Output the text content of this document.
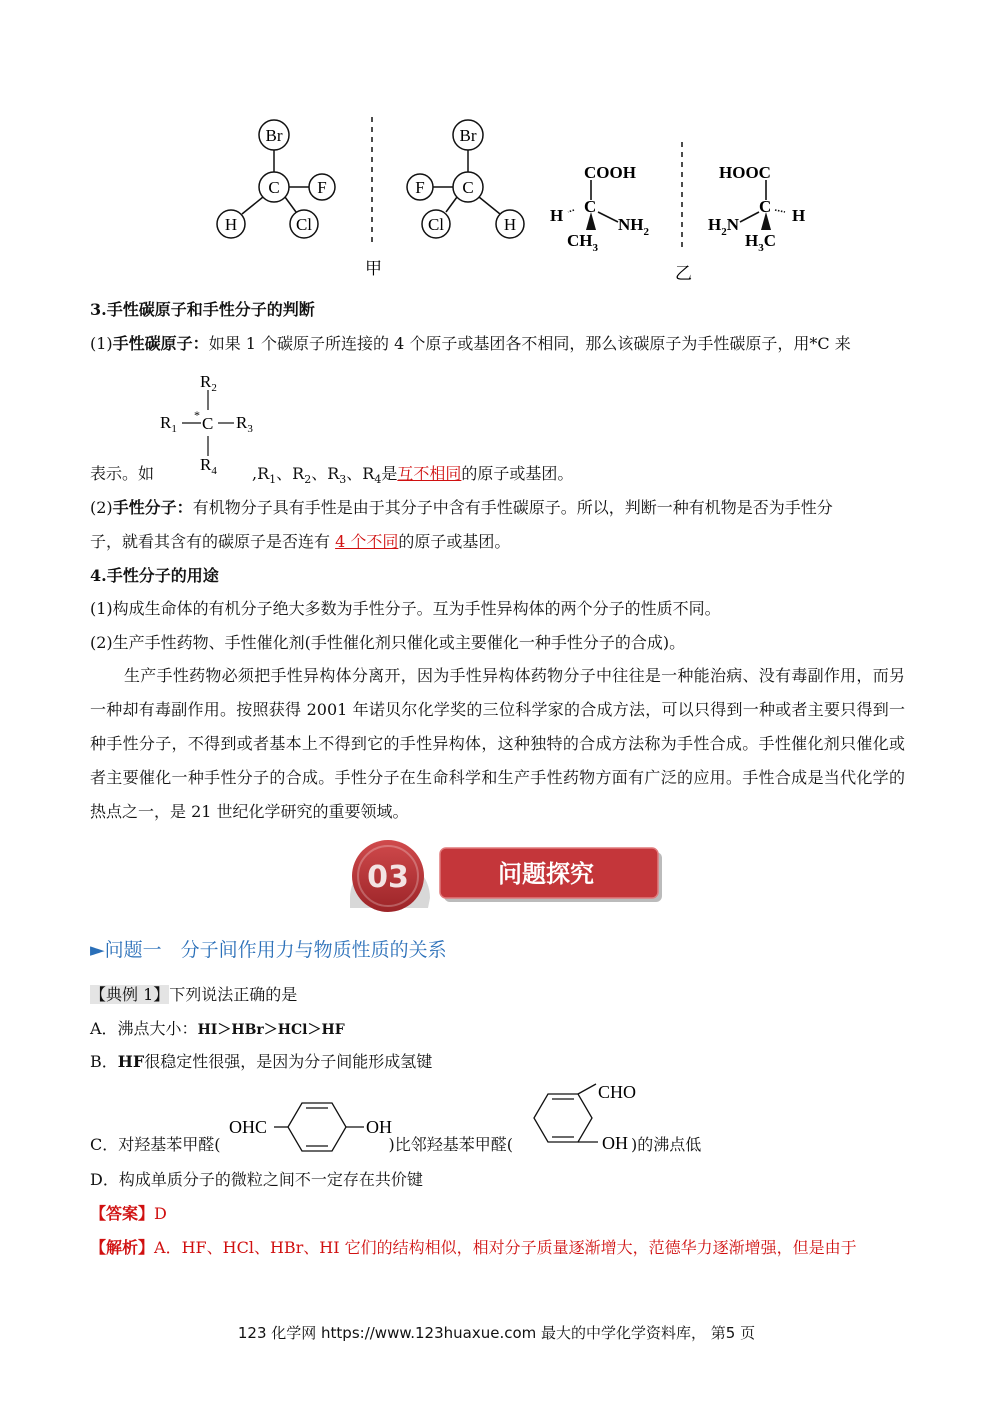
Br
C F
H	Cl
甲
Br
C
F
Cl	H
COOH
H C
$NH_2$
$CH_3$
乙
HOOC
$H_2N$
C H
$H_3C$
3.手性碳原子和手性分子的判断
(1)手性碳原子：如果 1 个碳原子所连接的 4 个原子或基团各不相同，那么该碳原子为手性碳原子，用*C 来
$R_2$
$R_1$
* C $R_3$
$R_4$
表示。如	$,R_1$、$R_2$、$R_3$、$R_4$是互不相同的原子或基团。
(2)手性分子：有机物分子具有手性是由于其分子中含有手性碳原子。所以，判断一种有机物是否为手性分
子，就看其含有的碳原子是否连有 4 个不同的原子或基团。
4.手性分子的用途
(1)构成生命体的有机分子绝大多数为手性分子。互为手性异构体的两个分子的性质不同。
(2)生产手性药物、手性催化剂(手性催化剂只催化或主要催化一种手性分子的合成)。
生产手性药物必须把手性异构体分离开，因为手性异构体药物分子中往往是一种能治病、没有毒副作用，而另一种却有毒副作用。按照获得 2001 年诺贝尔化学奖的三位科学家的合成方法，可以只得到一种或者主要只得到一种手性分子，不得到或者基本上不得到它的手性异构体，这种独特的合成方法称为手性合成。手性催化剂只催化或者主要催化一种手性分子的合成。手性分子在生命科学和生产手性药物方面有广泛的应用。手性合成是当代化学的热点之一，是 21 世纪化学研究的重要领域。
03	问题探究
►问题一　分子间作用力与物质性质的关系
【典例 1】下列说法正确的是
A．沸点大小：HI＞HBr＞HCl＞HF
B．HF很稳定性很强，是因为分子间能形成氢键
OHC	OH
CHO
OH
C．对羟基苯甲醛(	)比邻羟基苯甲醛(	)的沸点低
D．构成单质分子的微粒之间不一定存在共价键
【答案】D
【解析】A．HF、HCl、HBr、HI 它们的结构相似，相对分子质量逐渐增大，范德华力逐渐增强，但是由于
123 化学网 https://www.123huaxue.com 最大的中学化学资料库， 第5 页
